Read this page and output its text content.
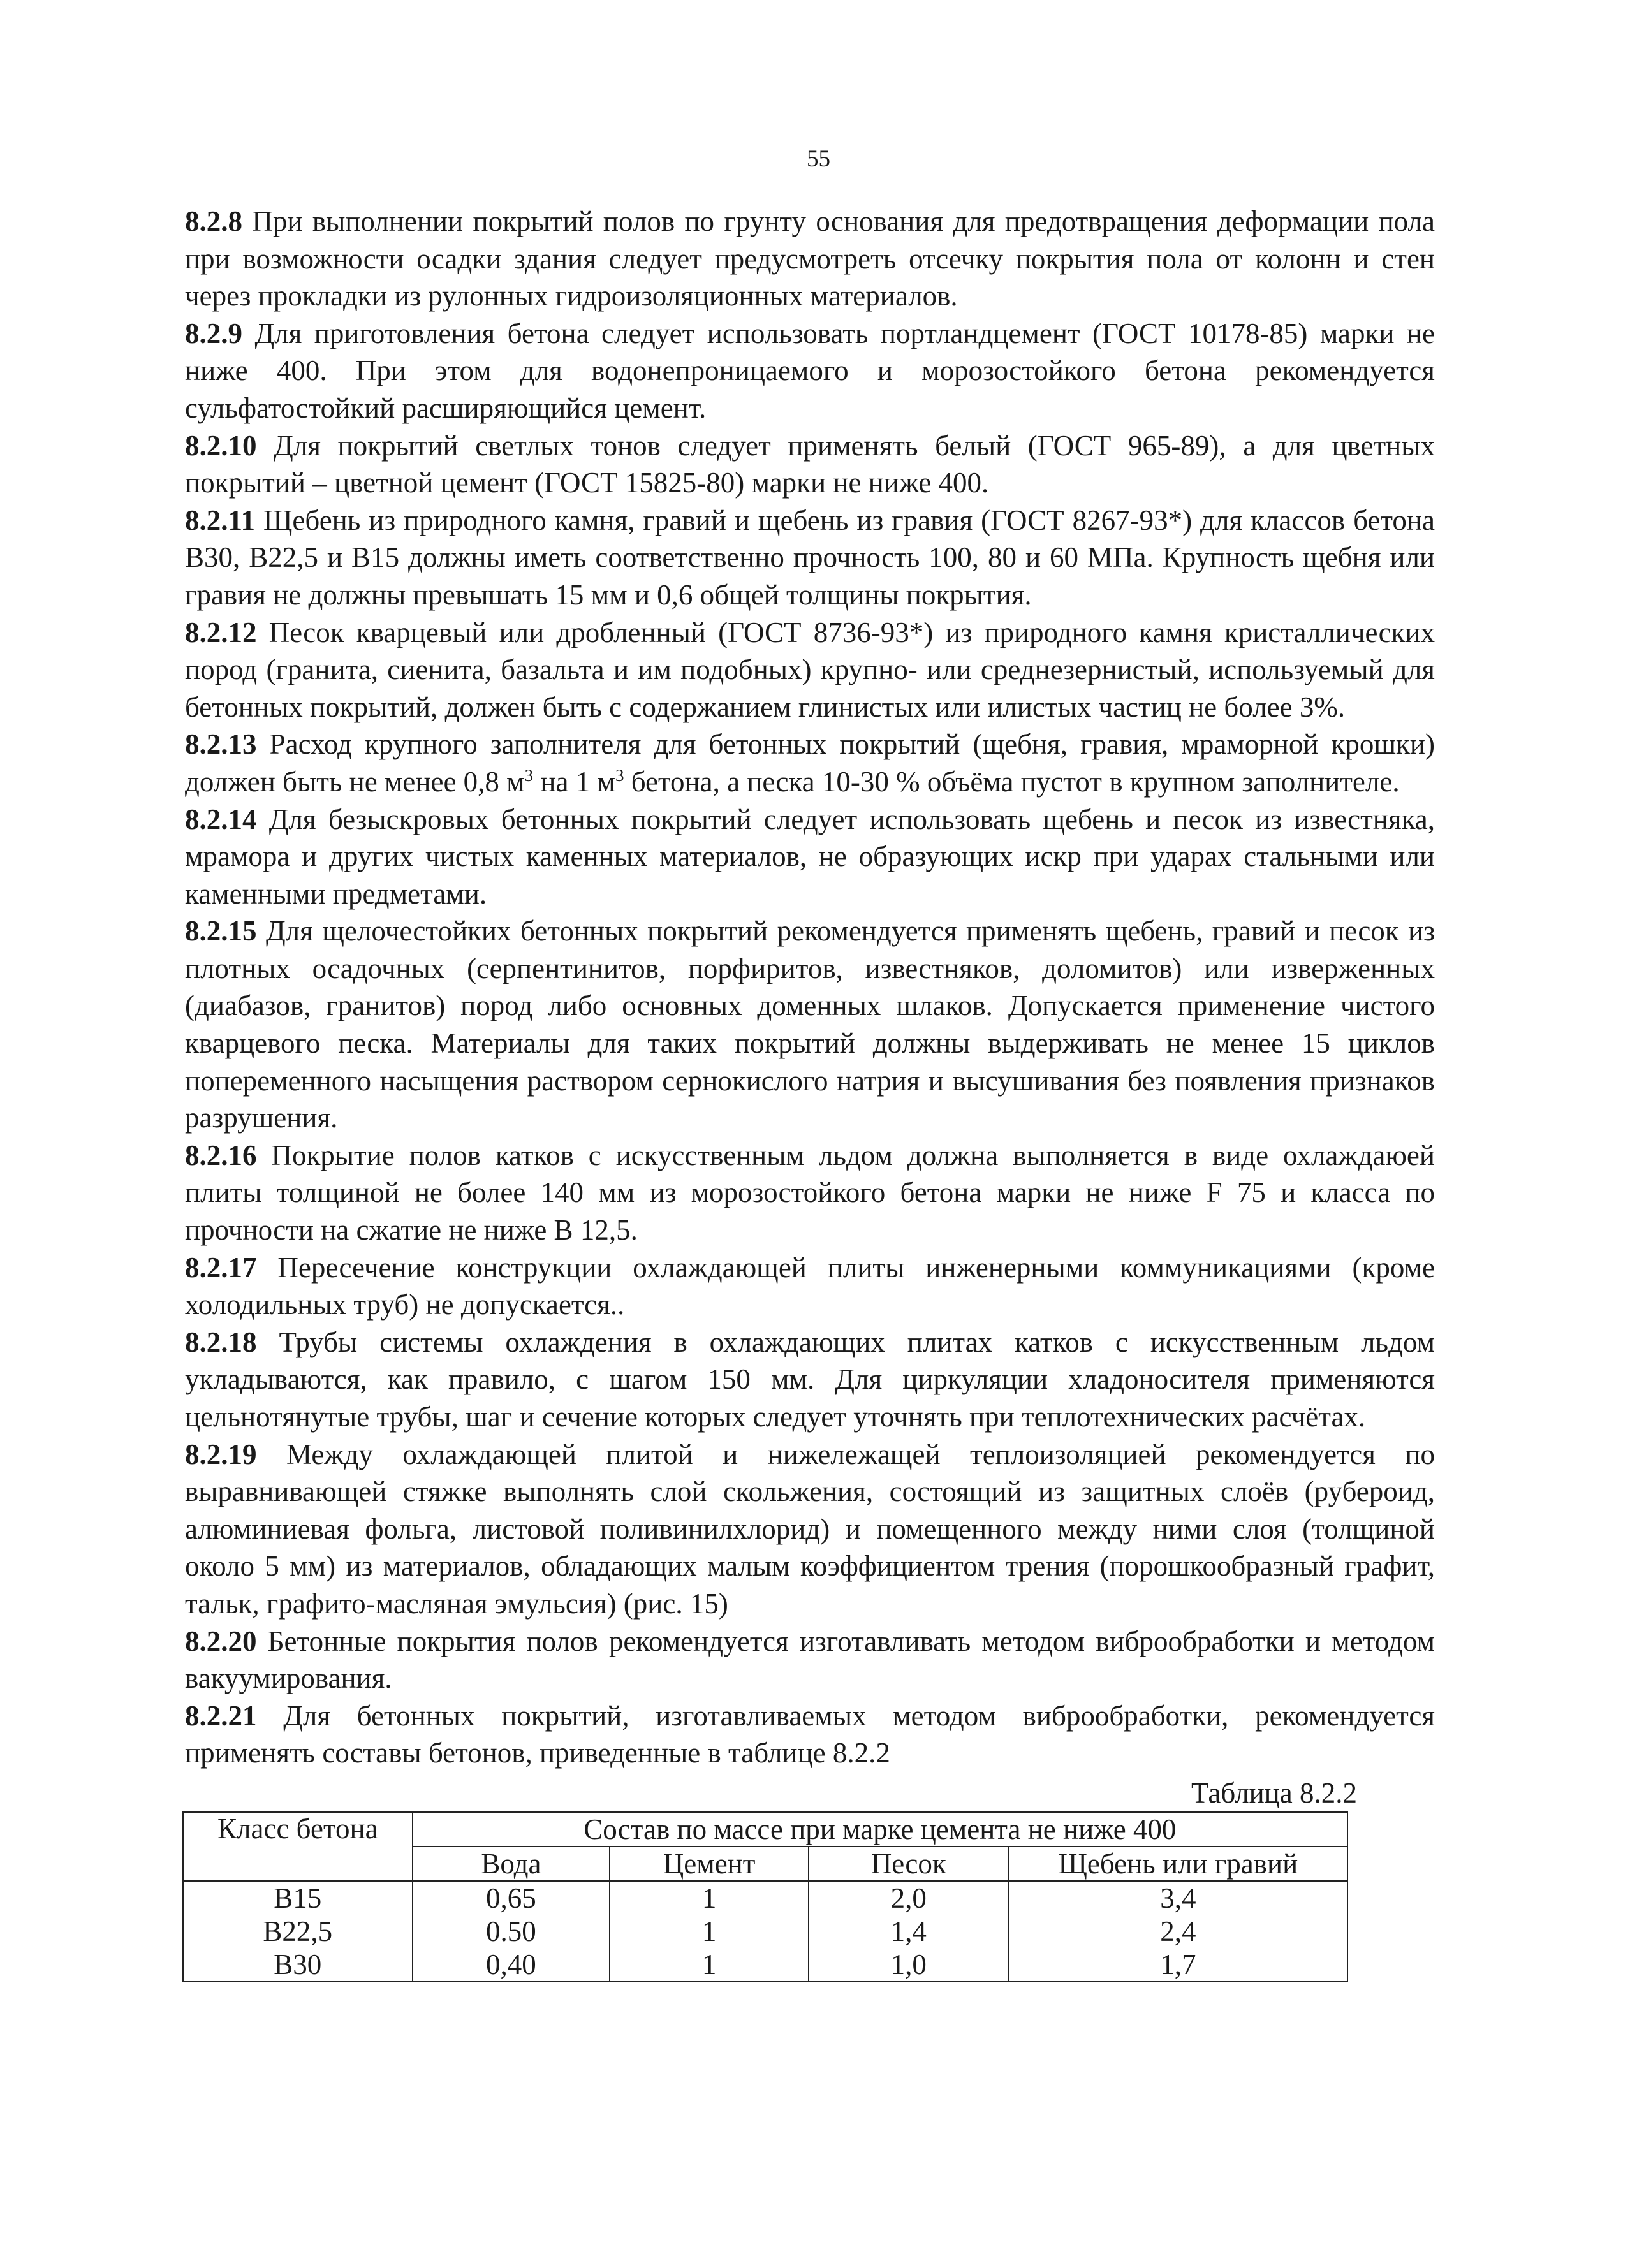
55

8.2.8 При выполнении покрытий полов по грунту основания для предотвращения деформации пола при возможности осадки здания следует предусмотреть отсечку покрытия пола от колонн и стен через прокладки из рулонных гидроизоляционных материалов.

8.2.9 Для приготовления бетона следует использовать портландцемент (ГОСТ 10178-85) марки не ниже 400. При этом для водонепроницаемого и морозостойкого бетона рекомендуется сульфатостойкий расширяющийся цемент.

8.2.10 Для покрытий светлых тонов следует применять белый (ГОСТ 965-89), а для цветных покрытий – цветной цемент (ГОСТ 15825-80) марки не ниже 400.

8.2.11 Щебень из природного камня, гравий и щебень из гравия (ГОСТ 8267-93*) для классов бетона В30, В22,5 и В15 должны иметь соответственно прочность 100, 80 и 60 МПа. Крупность щебня или гравия не должны превышать 15 мм и 0,6 общей толщины покрытия.

8.2.12 Песок кварцевый или дробленный (ГОСТ 8736-93*) из природного камня кристаллических пород (гранита, сиенита, базальта и им подобных) крупно- или среднезернистый, используемый для бетонных покрытий, должен быть с содержанием глинистых или илистых частиц не более 3%.

8.2.13 Расход крупного заполнителя для бетонных покрытий (щебня, гравия, мраморной крошки) должен быть не менее 0,8 $м^3$ на 1 $м^3$ бетона, а песка 10-30 % объёма пустот в крупном заполнителе.

8.2.14 Для безыскровых бетонных покрытий следует использовать щебень и песок из известняка, мрамора и других чистых каменных материалов, не образующих искр при ударах стальными или каменными предметами.

8.2.15 Для щелочестойких бетонных покрытий рекомендуется применять щебень, гравий и песок из плотных осадочных (серпентинитов, порфиритов, известняков, доломитов) или изверженных (диабазов, гранитов) пород либо основных доменных шлаков. Допускается применение чистого кварцевого песка. Материалы для таких покрытий должны выдерживать не менее 15 циклов попеременного насыщения раствором сернокислого натрия и высушивания без появления признаков разрушения.

8.2.16 Покрытие полов катков с искусственным льдом должна выполняется в виде охлаждаюей плиты толщиной не более 140 мм из морозостойкого бетона марки не ниже F 75 и класса по прочности на сжатие не ниже В 12,5.

8.2.17 Пересечение конструкции охлаждающей плиты инженерными коммуникациями (кроме холодильных труб) не допускается..

8.2.18 Трубы системы охлаждения в охлаждающих плитах катков с искусственным льдом укладываются, как правило, с шагом 150 мм. Для циркуляции хладоносителя применяются цельнотянутые трубы, шаг и сечение которых следует уточнять при теплотехнических расчётах.

8.2.19 Между охлаждающей плитой и нижележащей теплоизоляцией рекомендуется по выравнивающей стяжке выполнять слой скольжения, состоящий из защитных слоёв (рубероид, алюминиевая фольга, листовой поливинилхлорид) и помещенного между ними слоя (толщиной около 5 мм) из материалов, обладающих малым коэффициентом трения (порошкообразный графит, тальк, графито-масляная эмульсия) (рис. 15)

8.2.20 Бетонные покрытия полов рекомендуется изготавливать методом виброобработки и методом вакуумирования.

8.2.21 Для бетонных покрытий, изготавливаемых методом виброобработки, рекомендуется применять составы бетонов, приведенные в таблице 8.2.2

Таблица 8.2.2
Класс бетона	Состав по массе при марке цемента не ниже 400			
	Вода	Цемент	Песок	Щебень или гравий
В15	0,65	1	2,0	3,4
В22,5	0.50	1	1,4	2,4
В30	0,40	1	1,0	1,7
